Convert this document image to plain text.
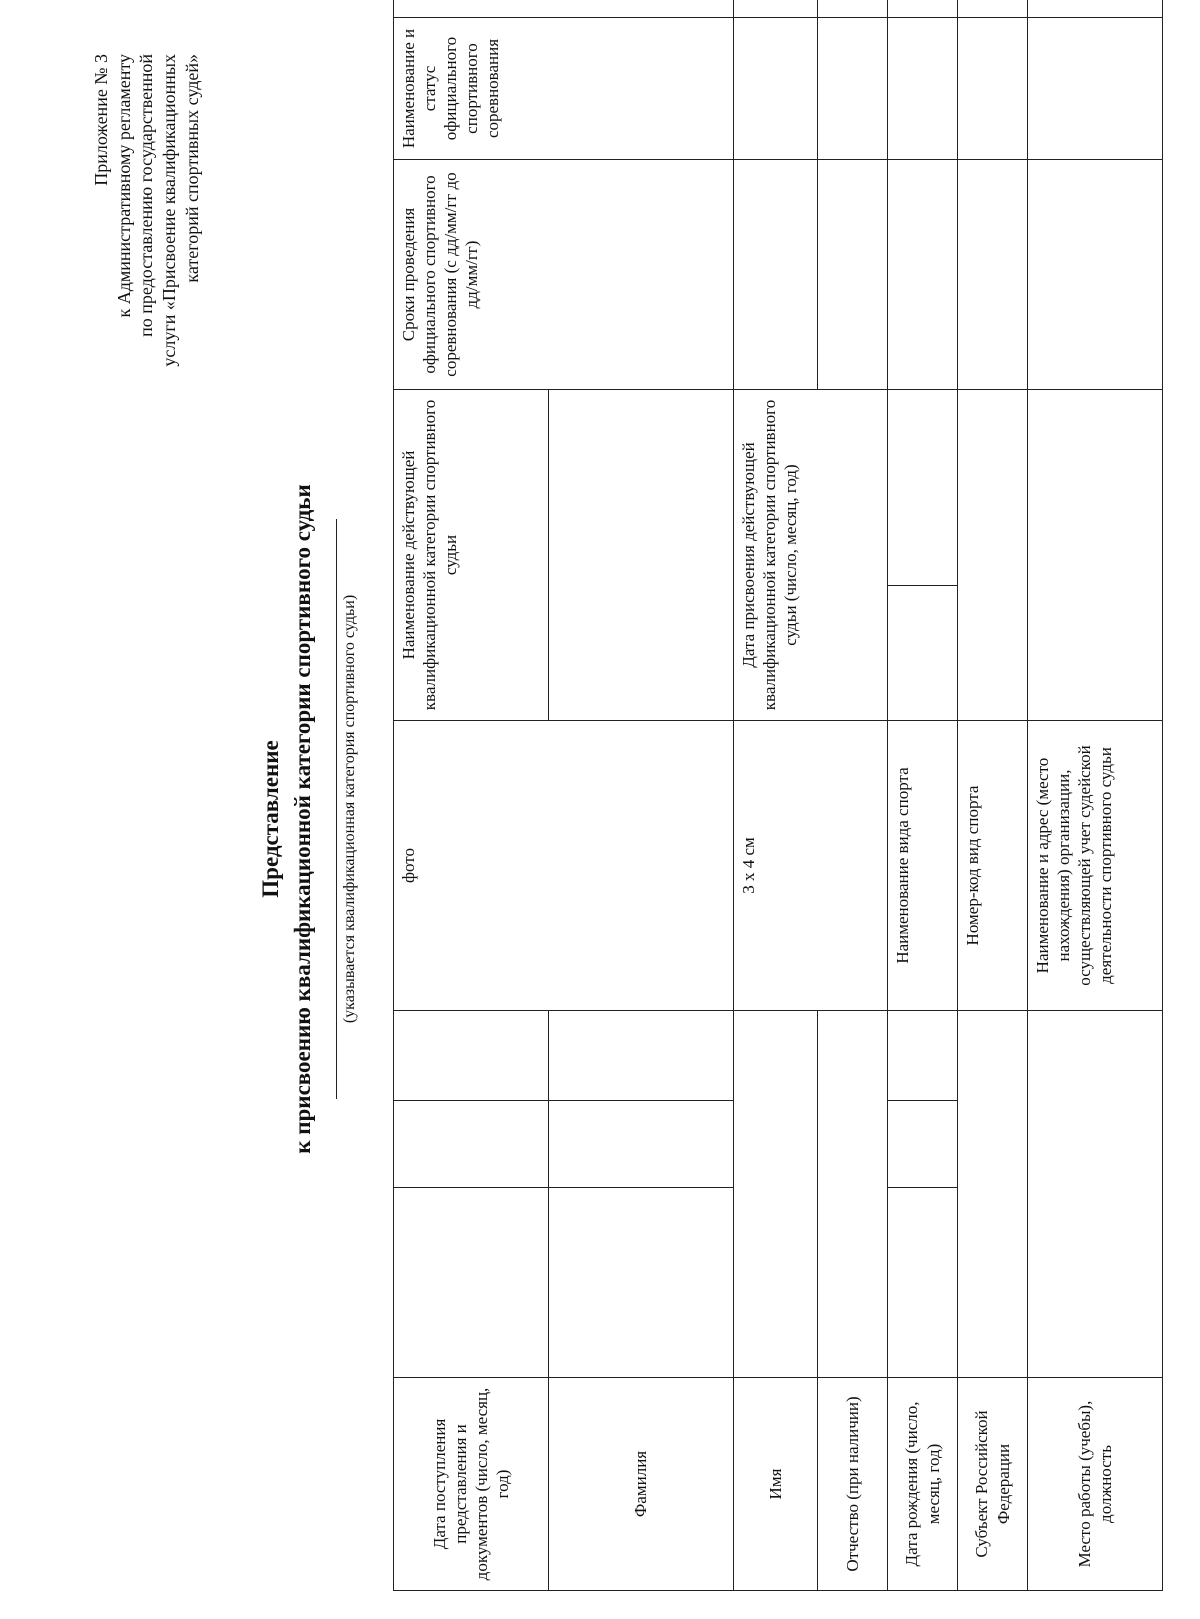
Приложение № 3 к Административному регламенту по предоставлению государственной услуги «Присвоение квалификационных категорий спортивных судей»
Представление к присвоению квалификационной категории спортивного судьи (указывается квалификационная категория спортивного судьи)
Дата поступления представления и документов (число, месяц, год)				фото	Наименование действующей квалификационной категории спортивного судьи		Сроки проведения официального спортивного соревнования (с дд/мм/гг до дд/мм/гг)	Наименование и статус официального спортивного соревнования	
Фамилия									
Имя				3 х 4 см	Дата присвоения действующей квалификационной категории спортивного судьи (число, месяц, год)				
Отчество (при наличии)									
Дата рождения (число, месяц, год)				Наименование вида спорта					
Субъект Российской Федерации				Номер-код вид спорта					
Место работы (учебы), должность				Наименование и адрес (место нахождения) организации, осуществляющей учет судейской деятельности спортивного судьи					
